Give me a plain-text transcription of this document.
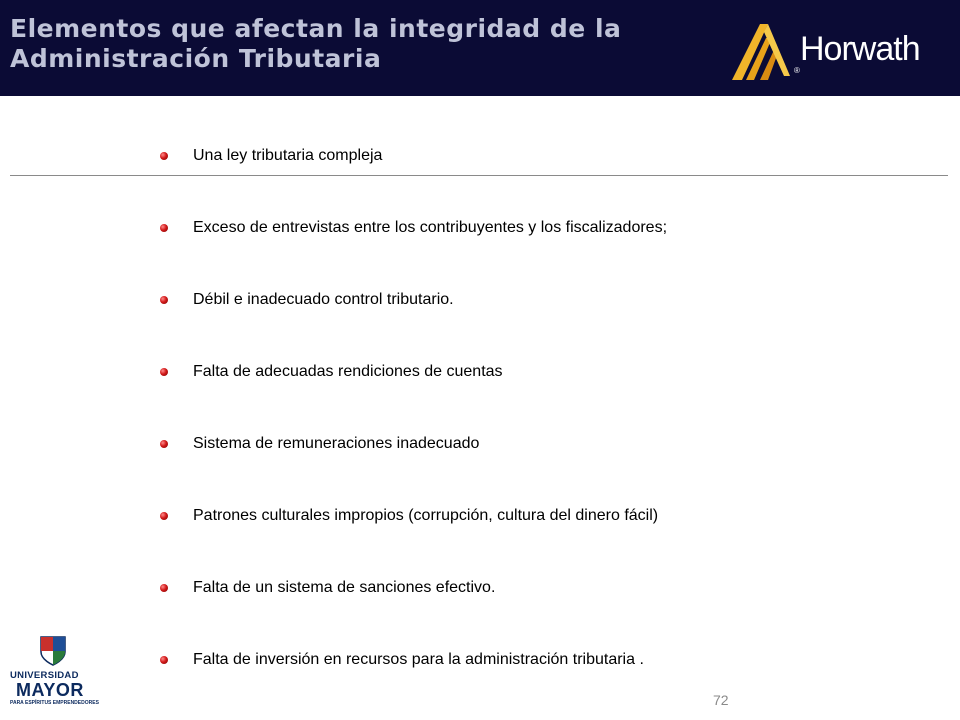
Elementos que afectan la integridad de la
Administración Tributaria	Horwath
®
Una ley tributaria compleja
Exceso de entrevistas entre los contribuyentes y los fiscalizadores;
Débil e inadecuado control tributario.
Falta de adecuadas rendiciones de cuentas
Sistema de remuneraciones inadecuado
Patrones culturales impropios (corrupción, cultura del dinero fácil)
Falta de un sistema de sanciones efectivo.
Falta de inversión en recursos para la administración tributaria .
UNIVERSIDAD
MAYOR
PARA ESPÍRITUS EMPRENDEDORES	72
